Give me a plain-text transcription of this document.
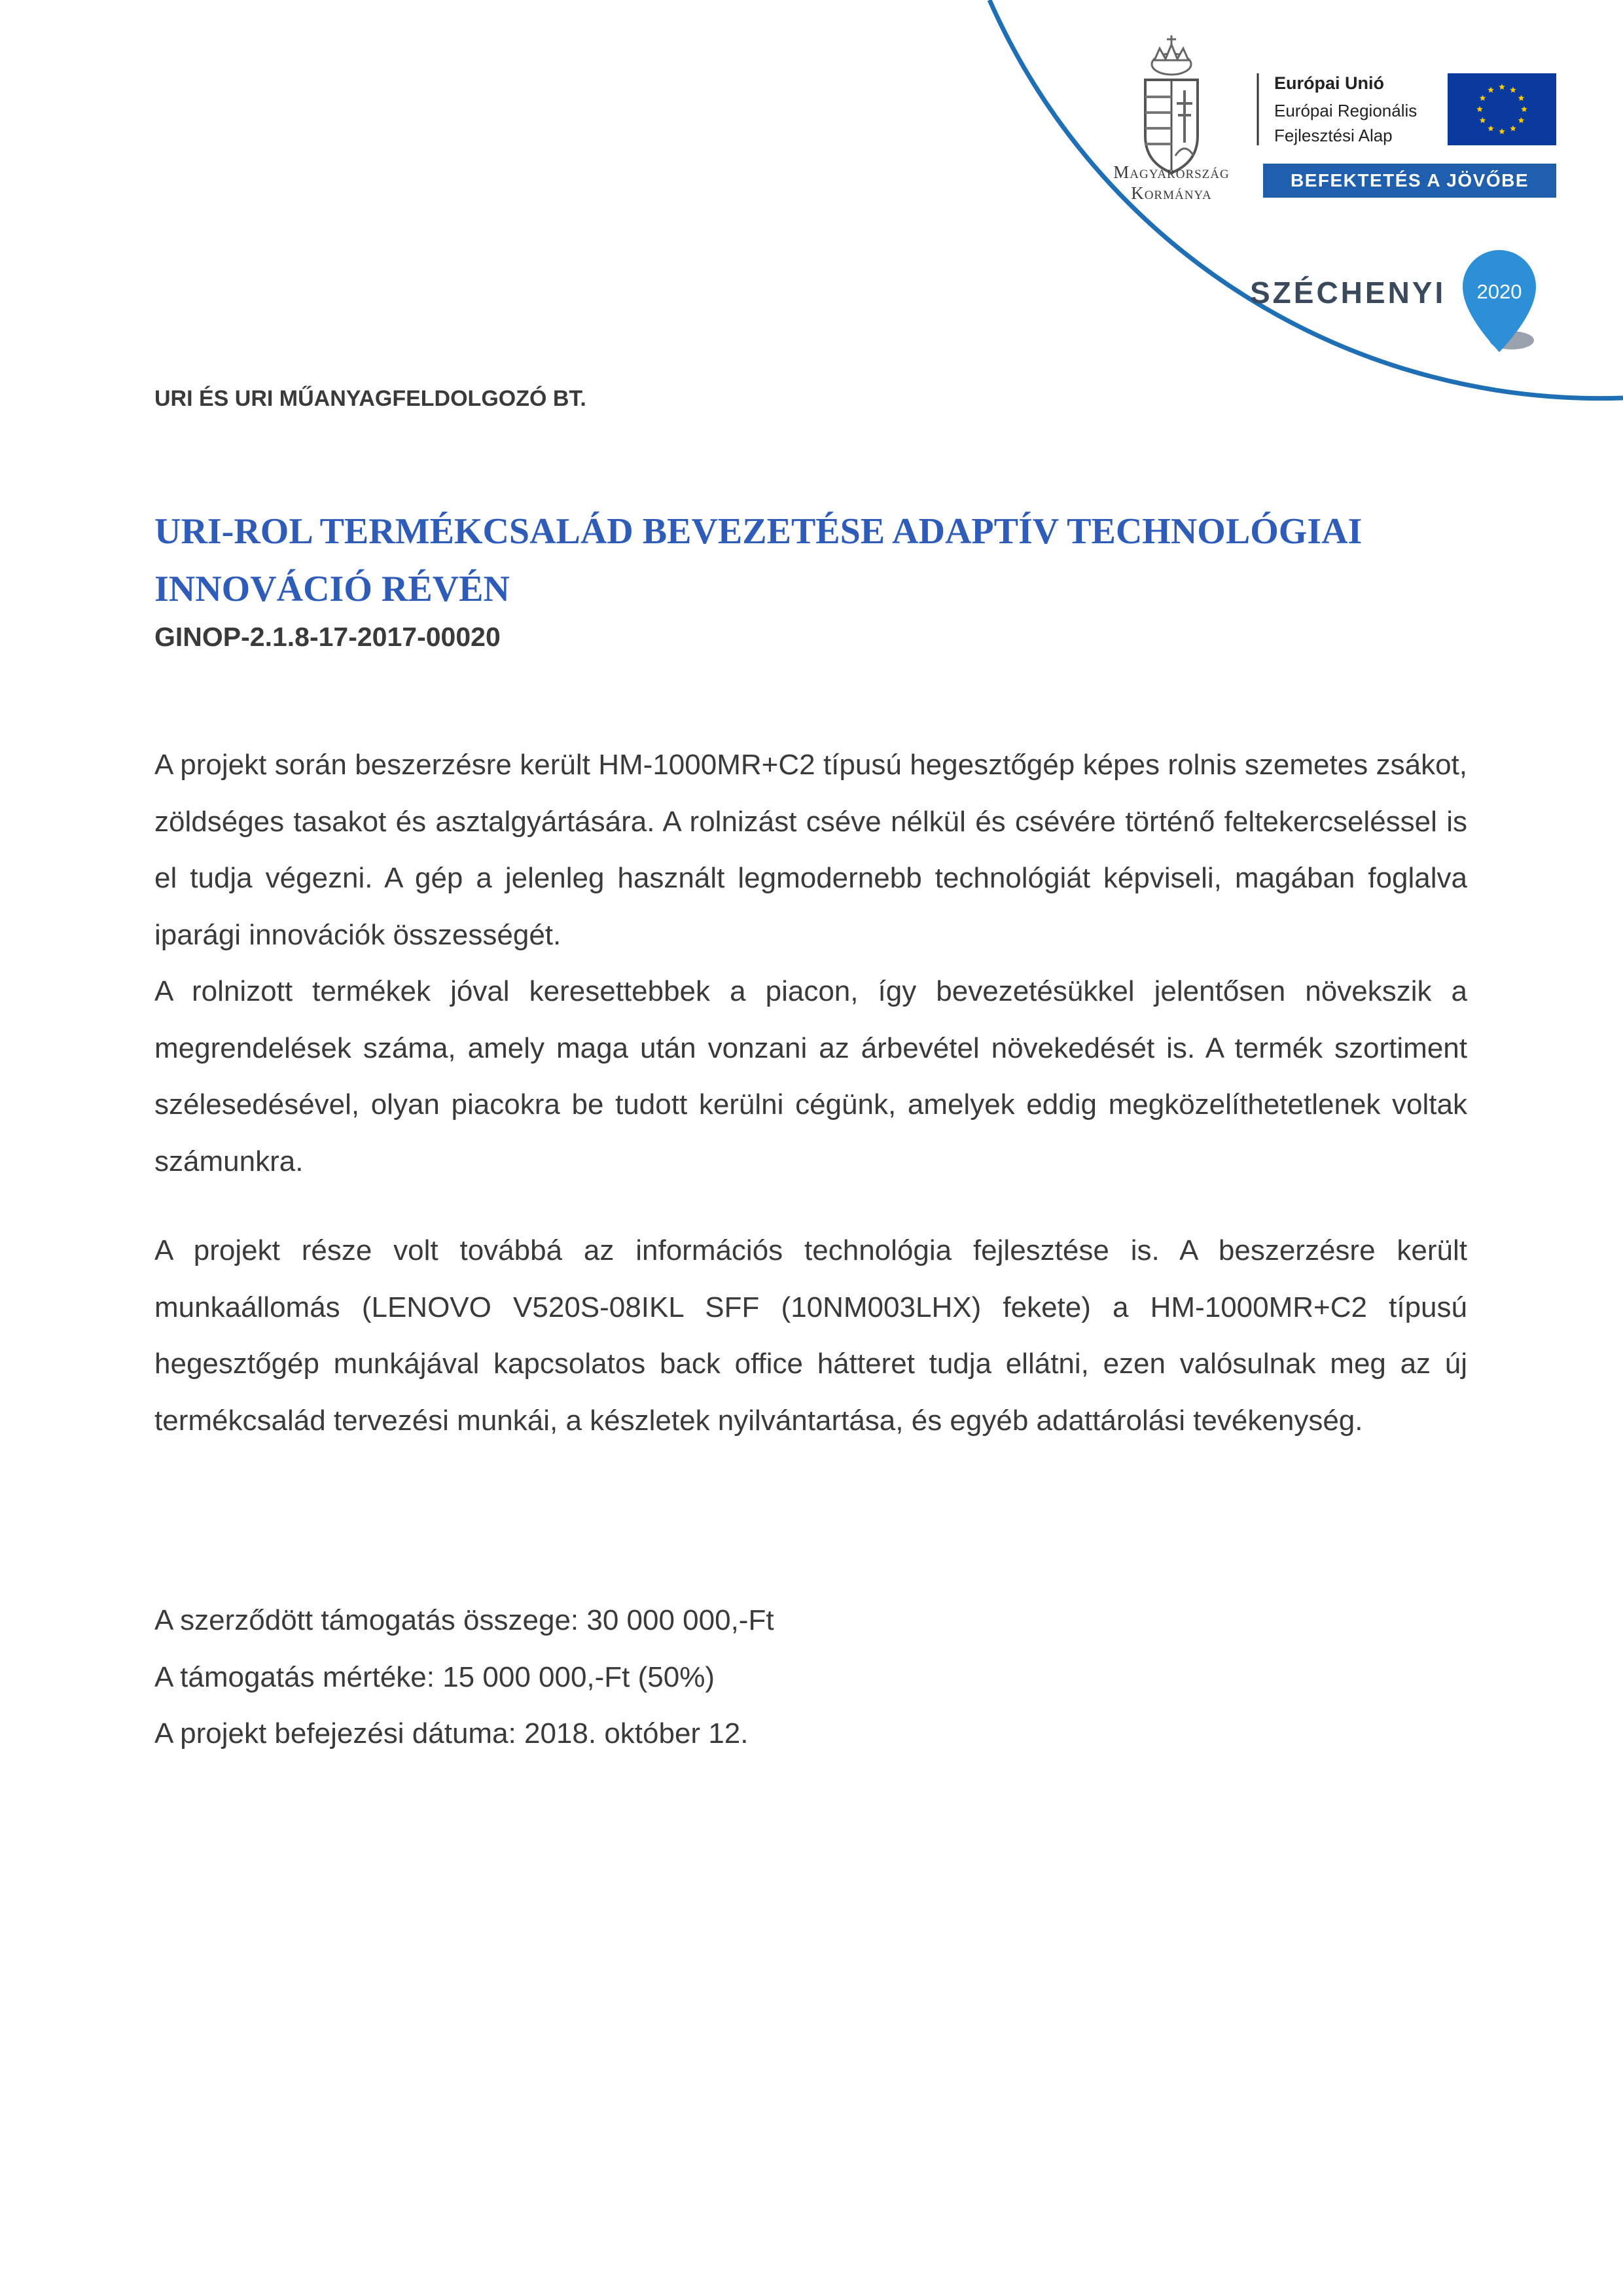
Magyarország
Kormánya
Európai Unió
Európai Regionális
Fejlesztési Alap
BEFEKTETÉS A JÖVŐBE
SZÉCHENYI	2020
URI ÉS URI MŰANYAGFELDOLGOZÓ BT.
URI-ROL TERMÉKCSALÁD BEVEZETÉSE ADAPTÍV TECHNOLÓGIAI
INNOVÁCIÓ RÉVÉN
GINOP-2.1.8-17-2017-00020

A projekt során beszerzésre került HM-1000MR+C2 típusú hegesztőgép képes rolnis szemetes zsákot, zöldséges tasakot és asztalgyártására. A rolnizást cséve nélkül és csévére történő feltekercseléssel is el tudja végezni. A gép a jelenleg használt legmodernebb technológiát képviseli, magában foglalva iparági innovációk összességét.

A rolnizott termékek jóval keresettebbek a piacon, így bevezetésükkel jelentősen növekszik a megrendelések száma, amely maga után vonzani az árbevétel növekedését is. A termék szortiment szélesedésével, olyan piacokra be tudott kerülni cégünk, amelyek eddig megközelíthetetlenek voltak számunkra.

A projekt része volt továbbá az információs technológia fejlesztése is. A beszerzésre került munkaállomás (LENOVO V520S-08IKL SFF (10NM003LHX) fekete) a HM-1000MR+C2 típusú hegesztőgép munkájával kapcsolatos back office hátteret tudja ellátni, ezen valósulnak meg az új termékcsalád tervezési munkái, a készletek nyilvántartása, és egyéb adattárolási tevékenység.

A szerződött támogatás összege: 30 000 000,-Ft
A támogatás mértéke: 15 000 000,-Ft (50%)
A projekt befejezési dátuma: 2018. október 12.
